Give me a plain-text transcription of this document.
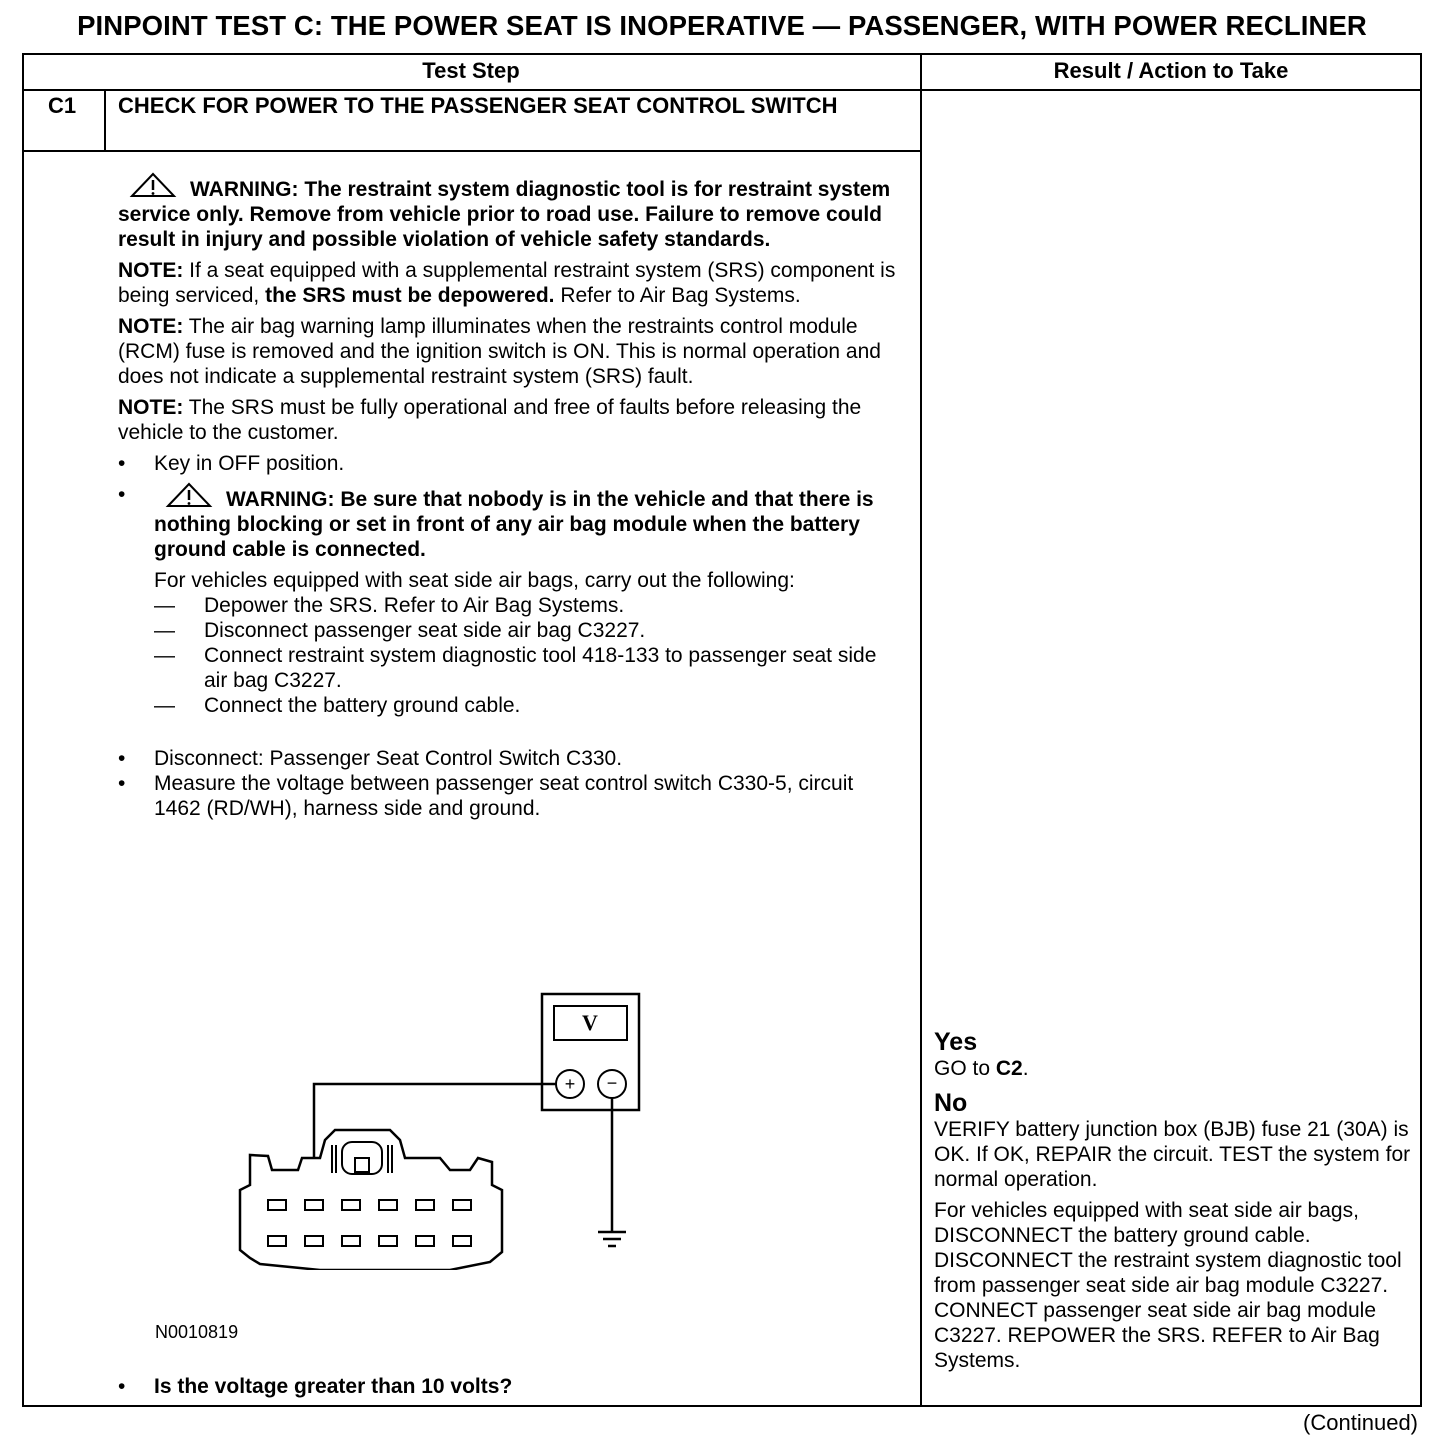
PINPOINT TEST C: THE POWER SEAT IS INOPERATIVE — PASSENGER, WITH POWER RECLINER
Test Step	Result / Action to Take
C1 CHECK FOR POWER TO THE PASSENGER SEAT CONTROL SWITCH

WARNING: The restraint system diagnostic tool is for restraint system service only. Remove from vehicle prior to road use. Failure to remove could result in injury and possible violation of vehicle safety standards.

NOTE: If a seat equipped with a supplemental restraint system (SRS) component is being serviced, the SRS must be depowered. Refer to Air Bag Systems.

NOTE: The air bag warning lamp illuminates when the restraints control module (RCM) fuse is removed and the ignition switch is ON. This is normal operation and does not indicate a supplemental restraint system (SRS) fault.

NOTE: The SRS must be fully operational and free of faults before releasing the vehicle to the customer.

• Key in OFF position.
•	WARNING: Be sure that nobody is in the vehicle and that there is nothing blocking or set in front of any air bag module when the battery ground cable is connected.
For vehicles equipped with seat side air bags, carry out the following:
— Depower the SRS. Refer to Air Bag Systems.
— Disconnect passenger seat side air bag C3227.
— Connect restraint system diagnostic tool 418-133 to passenger seat side air bag C3227.
— Connect the battery ground cable.
• Disconnect: Passenger Seat Control Switch C330.
• Measure the voltage between passenger seat control switch C330-5, circuit 1462 (RD/WH), harness side and ground.
V
+ −
N0010819
• Is the voltage greater than 10 volts?
Yes

GO to C2.

No

VERIFY battery junction box (BJB) fuse 21 (30A) is OK. If OK, REPAIR the circuit. TEST the system for normal operation.

For vehicles equipped with seat side air bags, DISCONNECT the battery ground cable. DISCONNECT the restraint system diagnostic tool from passenger seat side air bag module C3227. CONNECT passenger seat side air bag module C3227. REPOWER the SRS. REFER to Air Bag Systems.

(Continued)
